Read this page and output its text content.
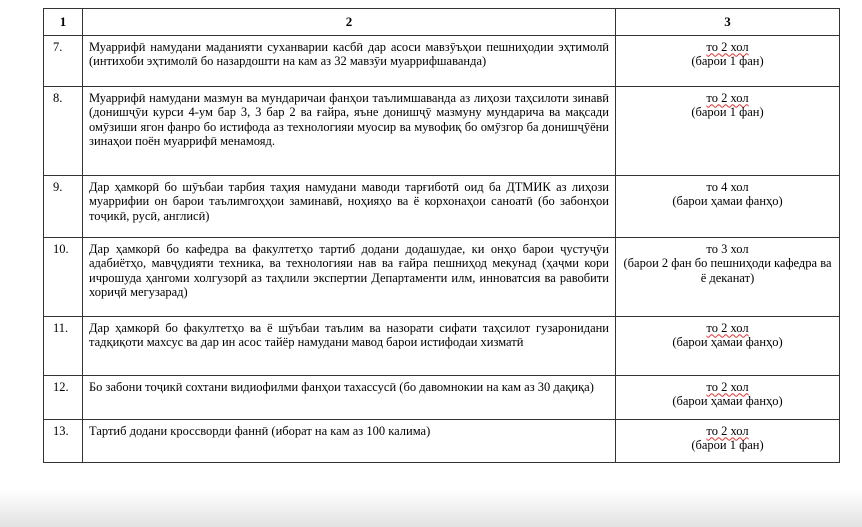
1	2	3
7.	Муаррифӣ намудани маданияти суханварии касбӣ дар асоси мавзӯъҳои пешниҳодии эҳтимолӣ (интихоби эҳтимолӣ бо назардошти на кам аз 32 мавзӯи муаррифшаванда)	то 2 хол
(барои 1 фан)

8.	Муаррифӣ намудани мазмун ва мундаричаи фанҳои таълимшаванда аз лиҳози таҳсилоти зинавӣ (донишҷӯи курси 4-ум бар 3, 3 бар 2 ва ғайра, яъне донишҷӯ мазмуну мундарича ва мақсади омӯзиши ягон фанро бо истифода аз технологияи муосир ва мувофиқ бо омӯзгор ба донишҷӯёни зинаҳои поён муаррифӣ менамояд.	то 2 хол
(барои 1 фан)

9.	Дар ҳамкорӣ бо шӯъбаи тарбия таҳия намудани маводи тарғиботӣ оид ба ДТМИК аз лиҳози муаррифии он барои таълимгоҳҳои заминавӣ, ноҳияҳо ва ё корхонаҳои саноатӣ (бо забонҳои тоҷикӣ, русӣ, англисӣ)	то 4 хол
(барои ҳамаи фанҳо)

10.	Дар ҳамкорӣ бо кафедра ва факултетҳо тартиб додани додашудае, ки онҳо барои ҷустуҷӯи адабиётҳо, мавҷудияти техника, ва технологияи нав ва ғайра пешниҳод мекунад (ҳаҷми кори ичрошуда ҳангоми холгузорӣ аз таҳлили экспертии Департаменти илм, инноватсия ва равобити хориҷӣ мегузарад)	то 3 хол
(барои 2 фан бо пешниҳоди кафедра ва ё деканат)

11.	Дар ҳамкорӣ бо факултетҳо ва ё шӯъбаи таълим ва назорати сифати таҳсилот гузаронидани тадқиқоти махсус ва дар ин асос тайёр намудани мавод барои истифодаи хизматӣ	то 2 хол
(барои ҳамаи фанҳо)

12.	Бо забони тоҷикӣ сохтани видиофилми фанҳои тахассусӣ (бо давомнокии на кам аз 30 дақиқа)	то 2 хол
(барои ҳамаи фанҳо)

13.	Тартиб додани кроссворди фаннӣ (иборат на кам аз 100 калима)	то 2 хол
(барои 1 фан)
